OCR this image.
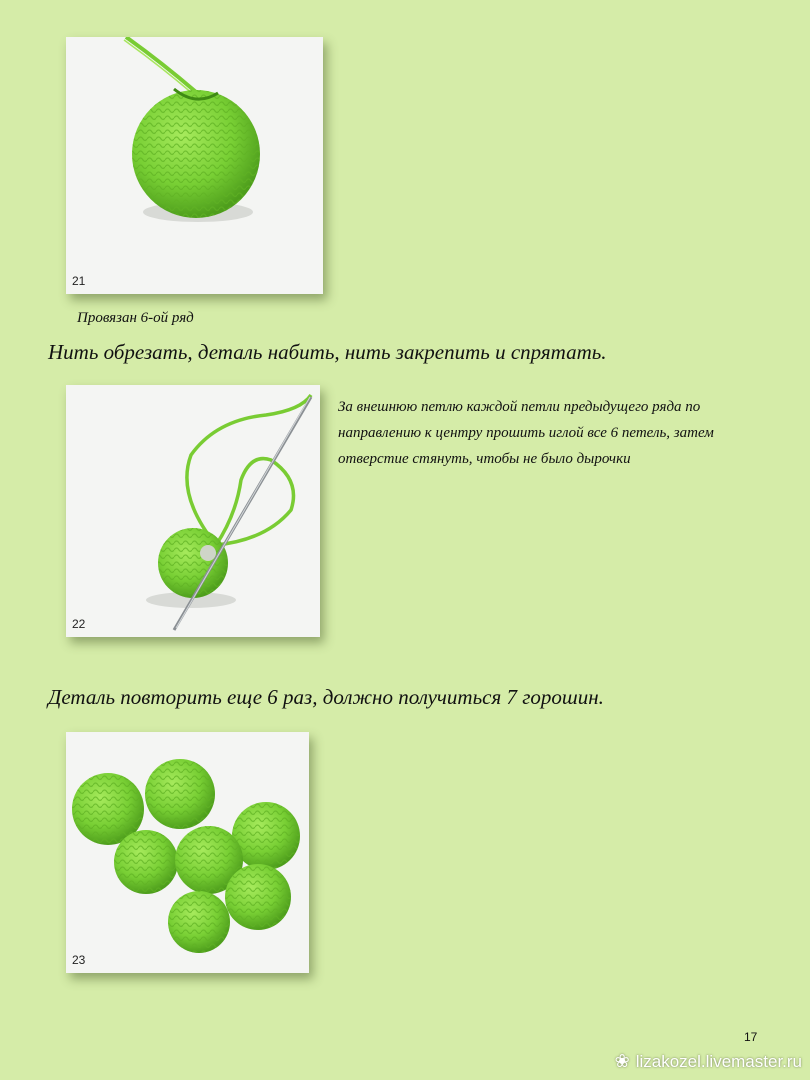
21
Провязан 6-ой ряд
Нить обрезать, деталь набить, нить закрепить и спрятать.
22
За внешнюю петлю каждой петли предыдущего ряда по направлению к центру прошить иглой все 6 петель, затем отверстие стянуть, чтобы не было дырочки
Деталь повторить еще 6 раз, должно получиться 7 горошин.
23
17
❀ lizakozel.livemaster.ru
